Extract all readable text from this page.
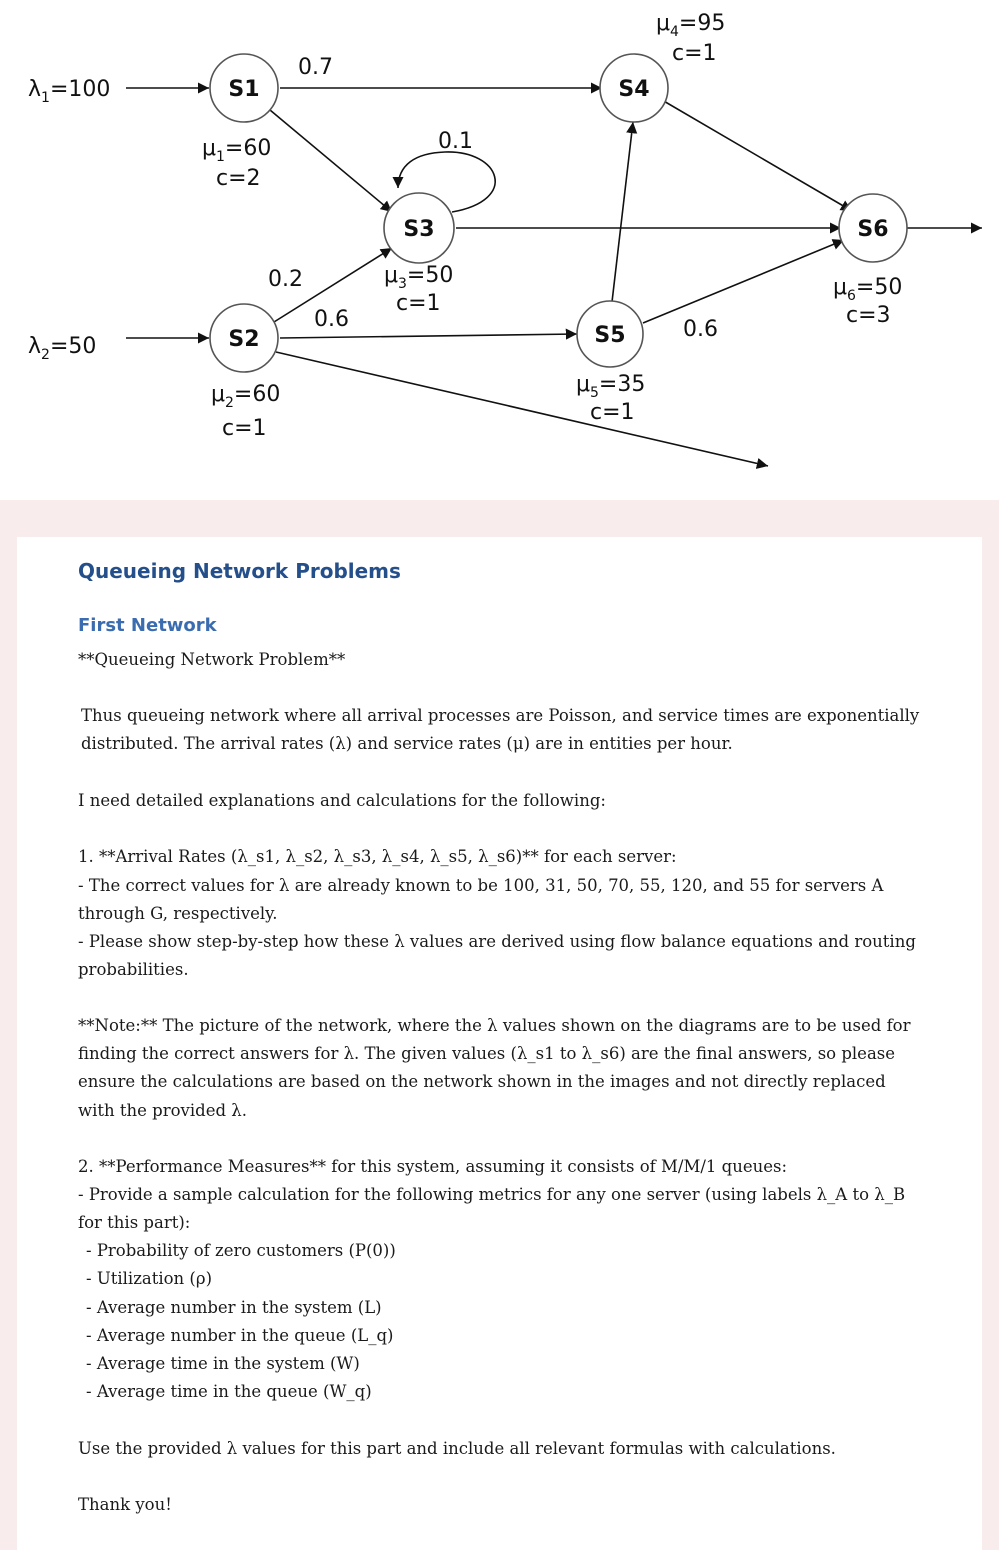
S1
S2
S3
S4
S5
S6
$\lambda_1=100$
$\lambda_2=50$
0.7
0.1
0.2
0.6	0.6
$\mu_1=60$
c=2
$\mu_3=50$
c=1
$\mu_2=60$
c=1
$\mu_5=35$
c=1
$\mu_4=95$
c=1
$\mu_6=50$
c=3
Queueing Network Problems
First Network

**Queueing Network Problem**

Thus queueing network where all arrival processes are Poisson, and service times are exponentially distributed. The arrival rates (λ) and service rates (μ) are in entities per hour.

I need detailed explanations and calculations for the following:

1. **Arrival Rates (λ_s1, λ_s2, λ_s3, λ_s4, λ_s5, λ_s6)** for each server:

- The correct values for λ are already known to be 100, 31, 50, 70, 55, 120, and 55 for servers A through G, respectively.

- Please show step-by-step how these λ values are derived using flow balance equations and routing probabilities.

**Note:** The picture of the network, where the λ values shown on the diagrams are to be used for finding the correct answers for λ. The given values (λ_s1 to λ_s6) are the final answers, so please ensure the calculations are based on the network shown in the images and not directly replaced with the provided λ.

2. **Performance Measures** for this system, assuming it consists of M/M/1 queues:

- Provide a sample calculation for the following metrics for any one server (using labels λ_A to λ_B for this part):

- Probability of zero customers (P(0))

- Utilization (ρ)

- Average number in the system (L)

- Average number in the queue (L_q)

- Average time in the system (W)

- Average time in the queue (W_q)

Use the provided λ values for this part and include all relevant formulas with calculations.

Thank you!
